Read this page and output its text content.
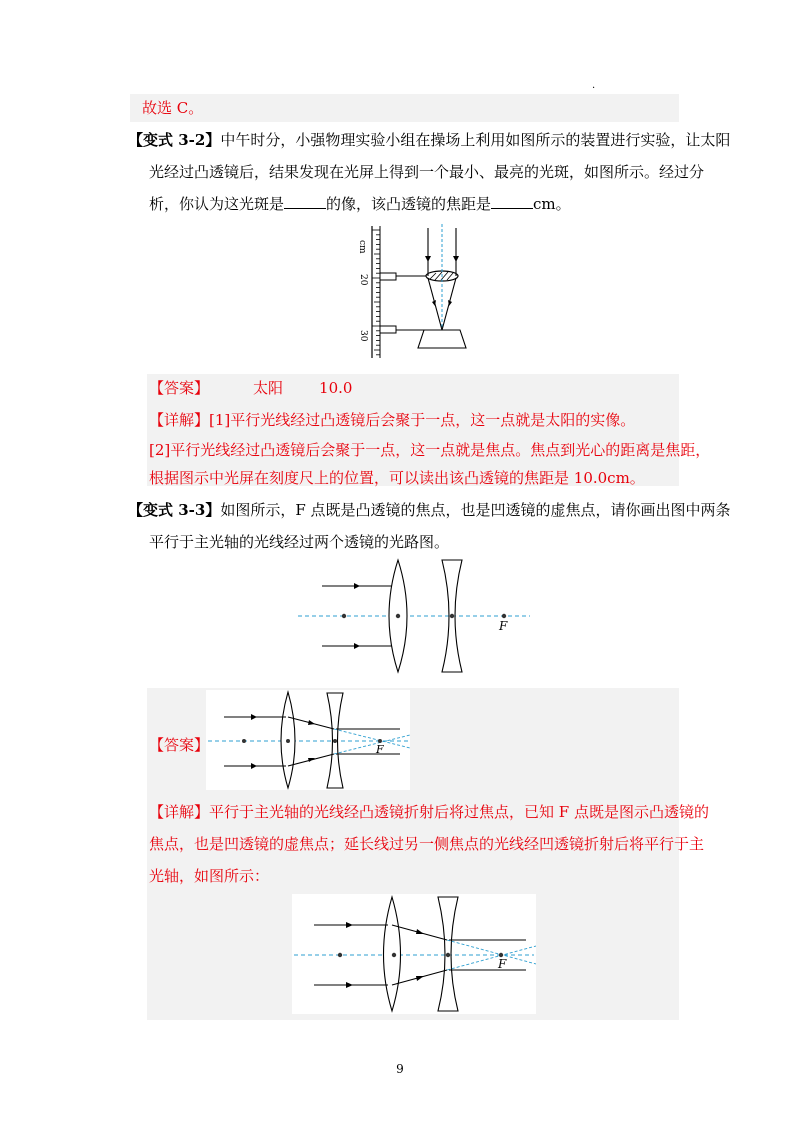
.
故选 C。
【变式 3-2】中午时分，小强物理实验小组在操场上利用如图所示的装置进行实验，让太阳
光经过凸透镜后，结果发现在光屏上得到一个最小、最亮的光斑，如图所示。经过分
析，你认为这光斑是	的像，该凸透镜的焦距是	cm。
cm
20
30
【答案】	太阳 10.0
【详解】[1]平行光线经过凸透镜后会聚于一点，这一点就是太阳的实像。
[2]平行光线经过凸透镜后会聚于一点，这一点就是焦点。焦点到光心的距离是焦距，
根据图示中光屏在刻度尺上的位置，可以读出该凸透镜的焦距是 10.0cm。
【变式 3-3】如图所示，F 点既是凸透镜的焦点，也是凹透镜的虚焦点，请你画出图中两条
平行于主光轴的光线经过两个透镜的光路图。
F
【答案】	F
【详解】平行于主光轴的光线经凸透镜折射后将过焦点，已知 F 点既是图示凸透镜的
焦点，也是凹透镜的虚焦点；延长线过另一侧焦点的光线经凹透镜折射后将平行于主
光轴，如图所示：
F
9
